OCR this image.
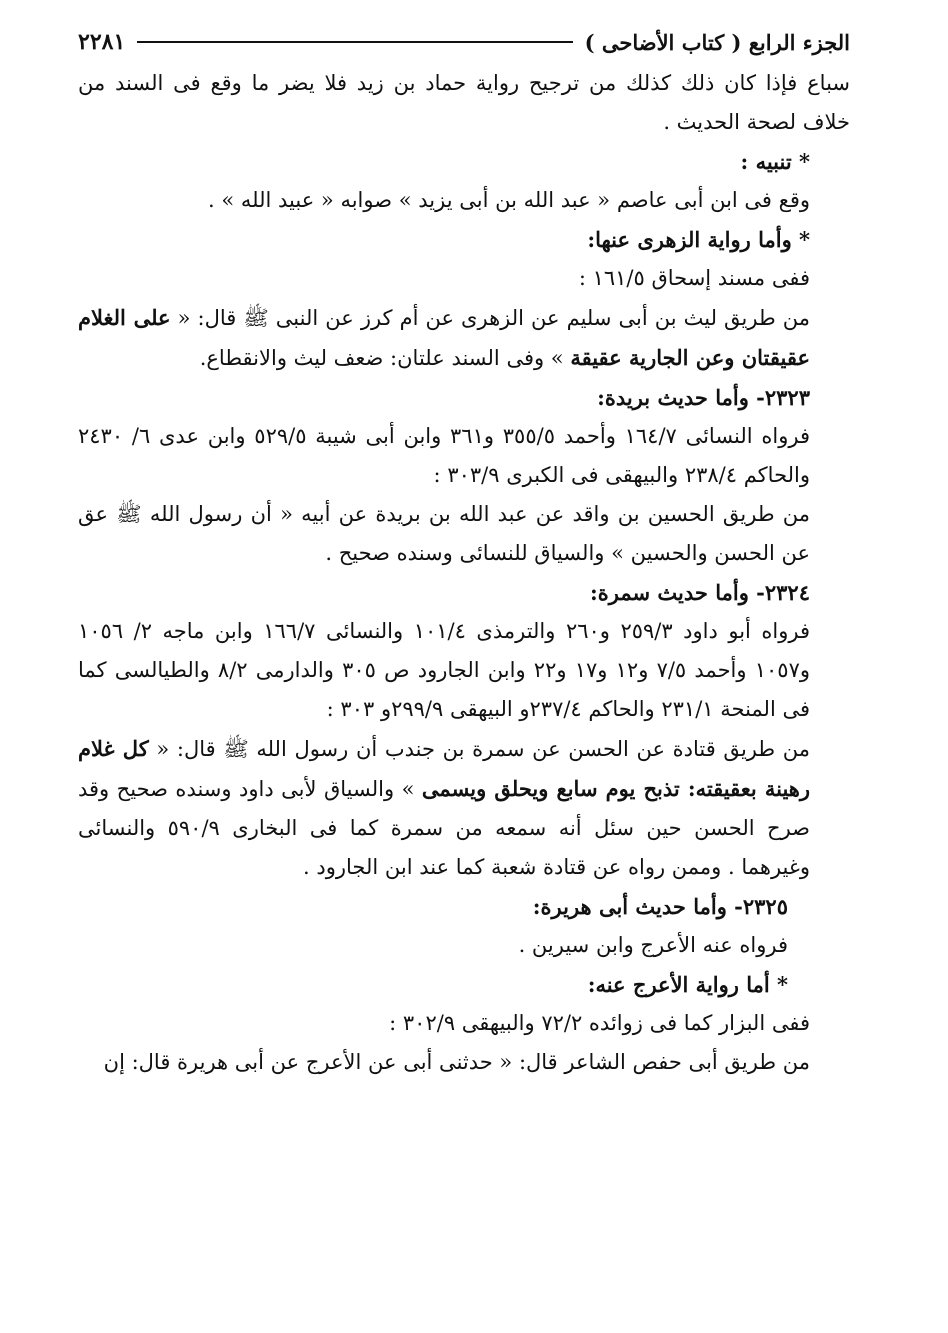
الجزء الرابع ( كتاب الأضاحى )
٢٢٨١

سباع فإذا كان ذلك كذلك من ترجيح رواية حماد بن زيد فلا يضر ما وقع فى السند من خلاف لصحة الحديث .

* تنبيه :

وقع فى ابن أبى عاصم « عبد الله بن أبى يزيد » صوابه « عبيد الله » .

* وأما رواية الزهرى عنها:

ففى مسند إسحاق ١٦١/٥ :

من طريق ليث بن أبى سليم عن الزهرى عن أم كرز عن النبى ﷺ قال: « على الغلام عقيقتان وعن الجارية عقيقة » وفى السند علتان: ضعف ليث والانقطاع.

٢٣٢٣- وأما حديث بريدة:

فرواه النسائى ١٦٤/٧ وأحمد ٣٥٥/٥ و٣٦١ وابن أبى شيبة ٥٢٩/٥ وابن عدى ٦/ ٢٤٣٠ والحاكم ٢٣٨/٤ والبيهقى فى الكبرى ٣٠٣/٩ :

من طريق الحسين بن واقد عن عبد الله بن بريدة عن أبيه « أن رسول الله ﷺ عق عن الحسن والحسين » والسياق للنسائى وسنده صحيح .

٢٣٢٤- وأما حديث سمرة:

فرواه أبو داود ٢٥٩/٣ و٢٦٠ والترمذى ١٠١/٤ والنسائى ١٦٦/٧ وابن ماجه ٢/ ١٠٥٦ و١٠٥٧ وأحمد ٧/٥ و١٢ و١٧ و٢٢ وابن الجارود ص ٣٠٥ والدارمى ٨/٢ والطيالسى كما فى المنحة ٢٣١/١ والحاكم ٢٣٧/٤و البيهقى ٢٩٩/٩و ٣٠٣ :

من طريق قتادة عن الحسن عن سمرة بن جندب أن رسول الله ﷺ قال: « كل غلام رهينة بعقيقته: تذبح يوم سابع ويحلق ويسمى » والسياق لأبى داود وسنده صحيح وقد صرح الحسن حين سئل أنه سمعه من سمرة كما فى البخارى ٥٩٠/٩ والنسائى وغيرهما . وممن رواه عن قتادة شعبة كما عند ابن الجارود .

٢٣٢٥- وأما حديث أبى هريرة:

فرواه عنه الأعرج وابن سيرين .

* أما رواية الأعرج عنه:

ففى البزار كما فى زوائده ٧٢/٢ والبيهقى ٣٠٢/٩ :

من طريق أبى حفص الشاعر قال: « حدثنى أبى عن الأعرج عن أبى هريرة قال: إن
